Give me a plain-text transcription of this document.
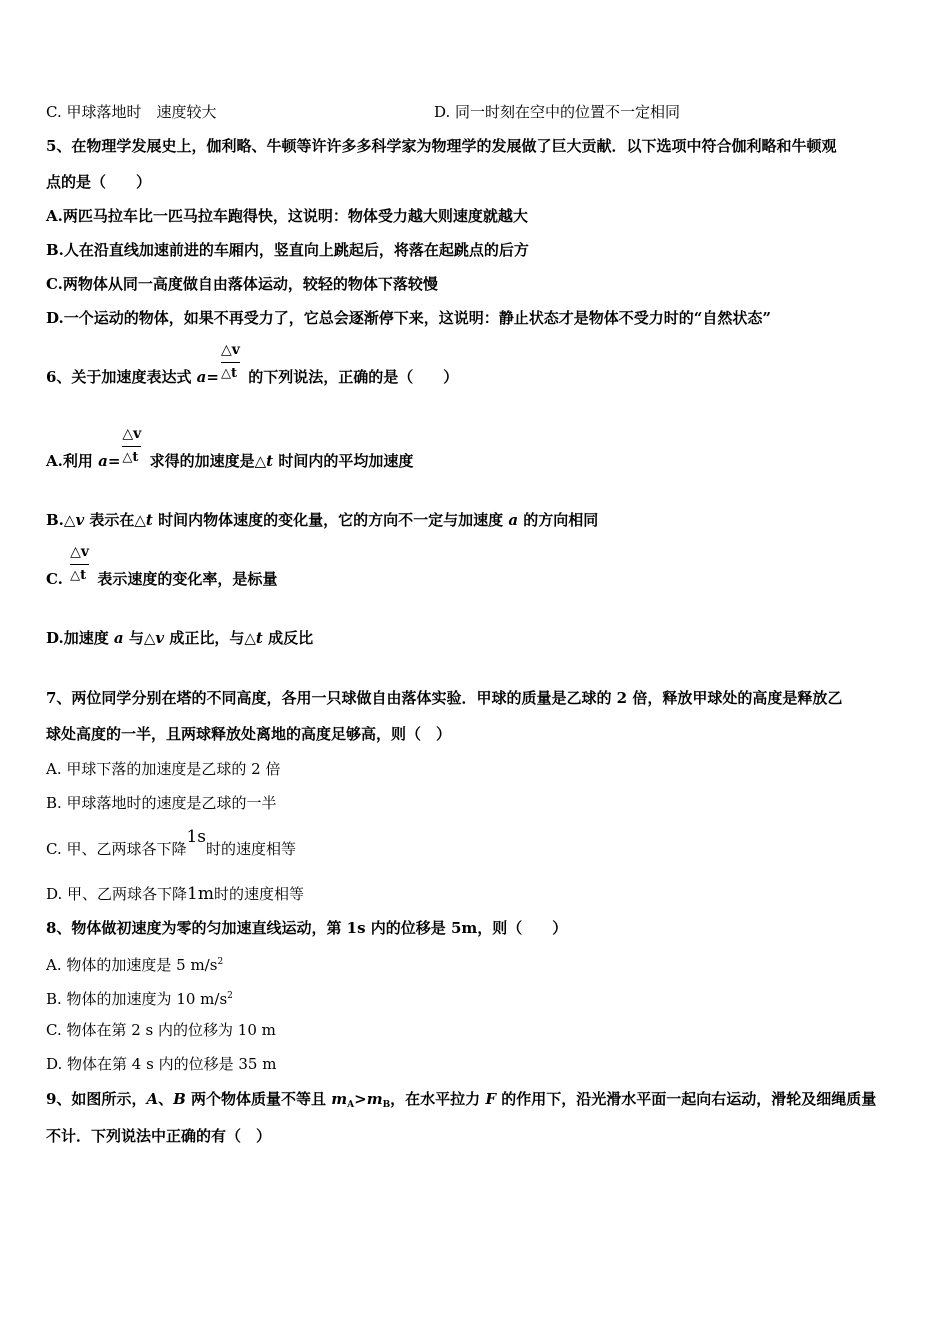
C. 甲球落地时　速度较大	D. 同一时刻在空中的位置不一定相同
5、在物理学发展史上，伽利略、牛顿等许许多多科学家为物理学的发展做了巨大贡献．以下选项中符合伽利略和牛顿观
点的是（　　）
A.两匹马拉车比一匹马拉车跑得快，这说明：物体受力越大则速度就越大
B.人在沿直线加速前进的车厢内，竖直向上跳起后，将落在起跳点的后方
C.两物体从同一高度做自由落体运动，较轻的物体下落较慢
D.一个运动的物体，如果不再受力了，它总会逐渐停下来，这说明：静止状态才是物体不受力时的“自然状态”
6、关于加速度表达式 $a= \frac{\triangle v}{\triangle t}$ 的下列说法，正确的是（　　）
A.利用 $a= \frac{\triangle v}{\triangle t}$ 求得的加速度是△t 时间内的平均加速度
B.△v 表示在△t 时间内物体速度的变化量，它的方向不一定与加速度 a 的方向相同
C. $\frac{\triangle v}{\triangle t}$ 表示速度的变化率，是标量
D.加速度 a 与△v 成正比，与△t 成反比
7、两位同学分别在塔的不同高度，各用一只球做自由落体实验．甲球的质量是乙球的 2 倍，释放甲球处的高度是释放乙
球处高度的一半，且两球释放处离地的高度足够高，则（　）
A. 甲球下落的加速度是乙球的 2 倍
B. 甲球落地时的速度是乙球的一半
C. 甲、乙两球各下降1s时的速度相等
D. 甲、乙两球各下降1m时的速度相等
8、物体做初速度为零的匀加速直线运动，第 1s 内的位移是 5m，则（　　）
A. 物体的加速度是 5 $m/s^2$
B. 物体的加速度为 10 $m/s^2$
C. 物体在第 2 s 内的位移为 10 m
D. 物体在第 4 s 内的位移是 35 m
9、如图所示，A、B 两个物体质量不等且 $m_A>m_B$，在水平拉力 F 的作用下，沿光滑水平面一起向右运动，滑轮及细绳质量
不计．下列说法中正确的有（　）
